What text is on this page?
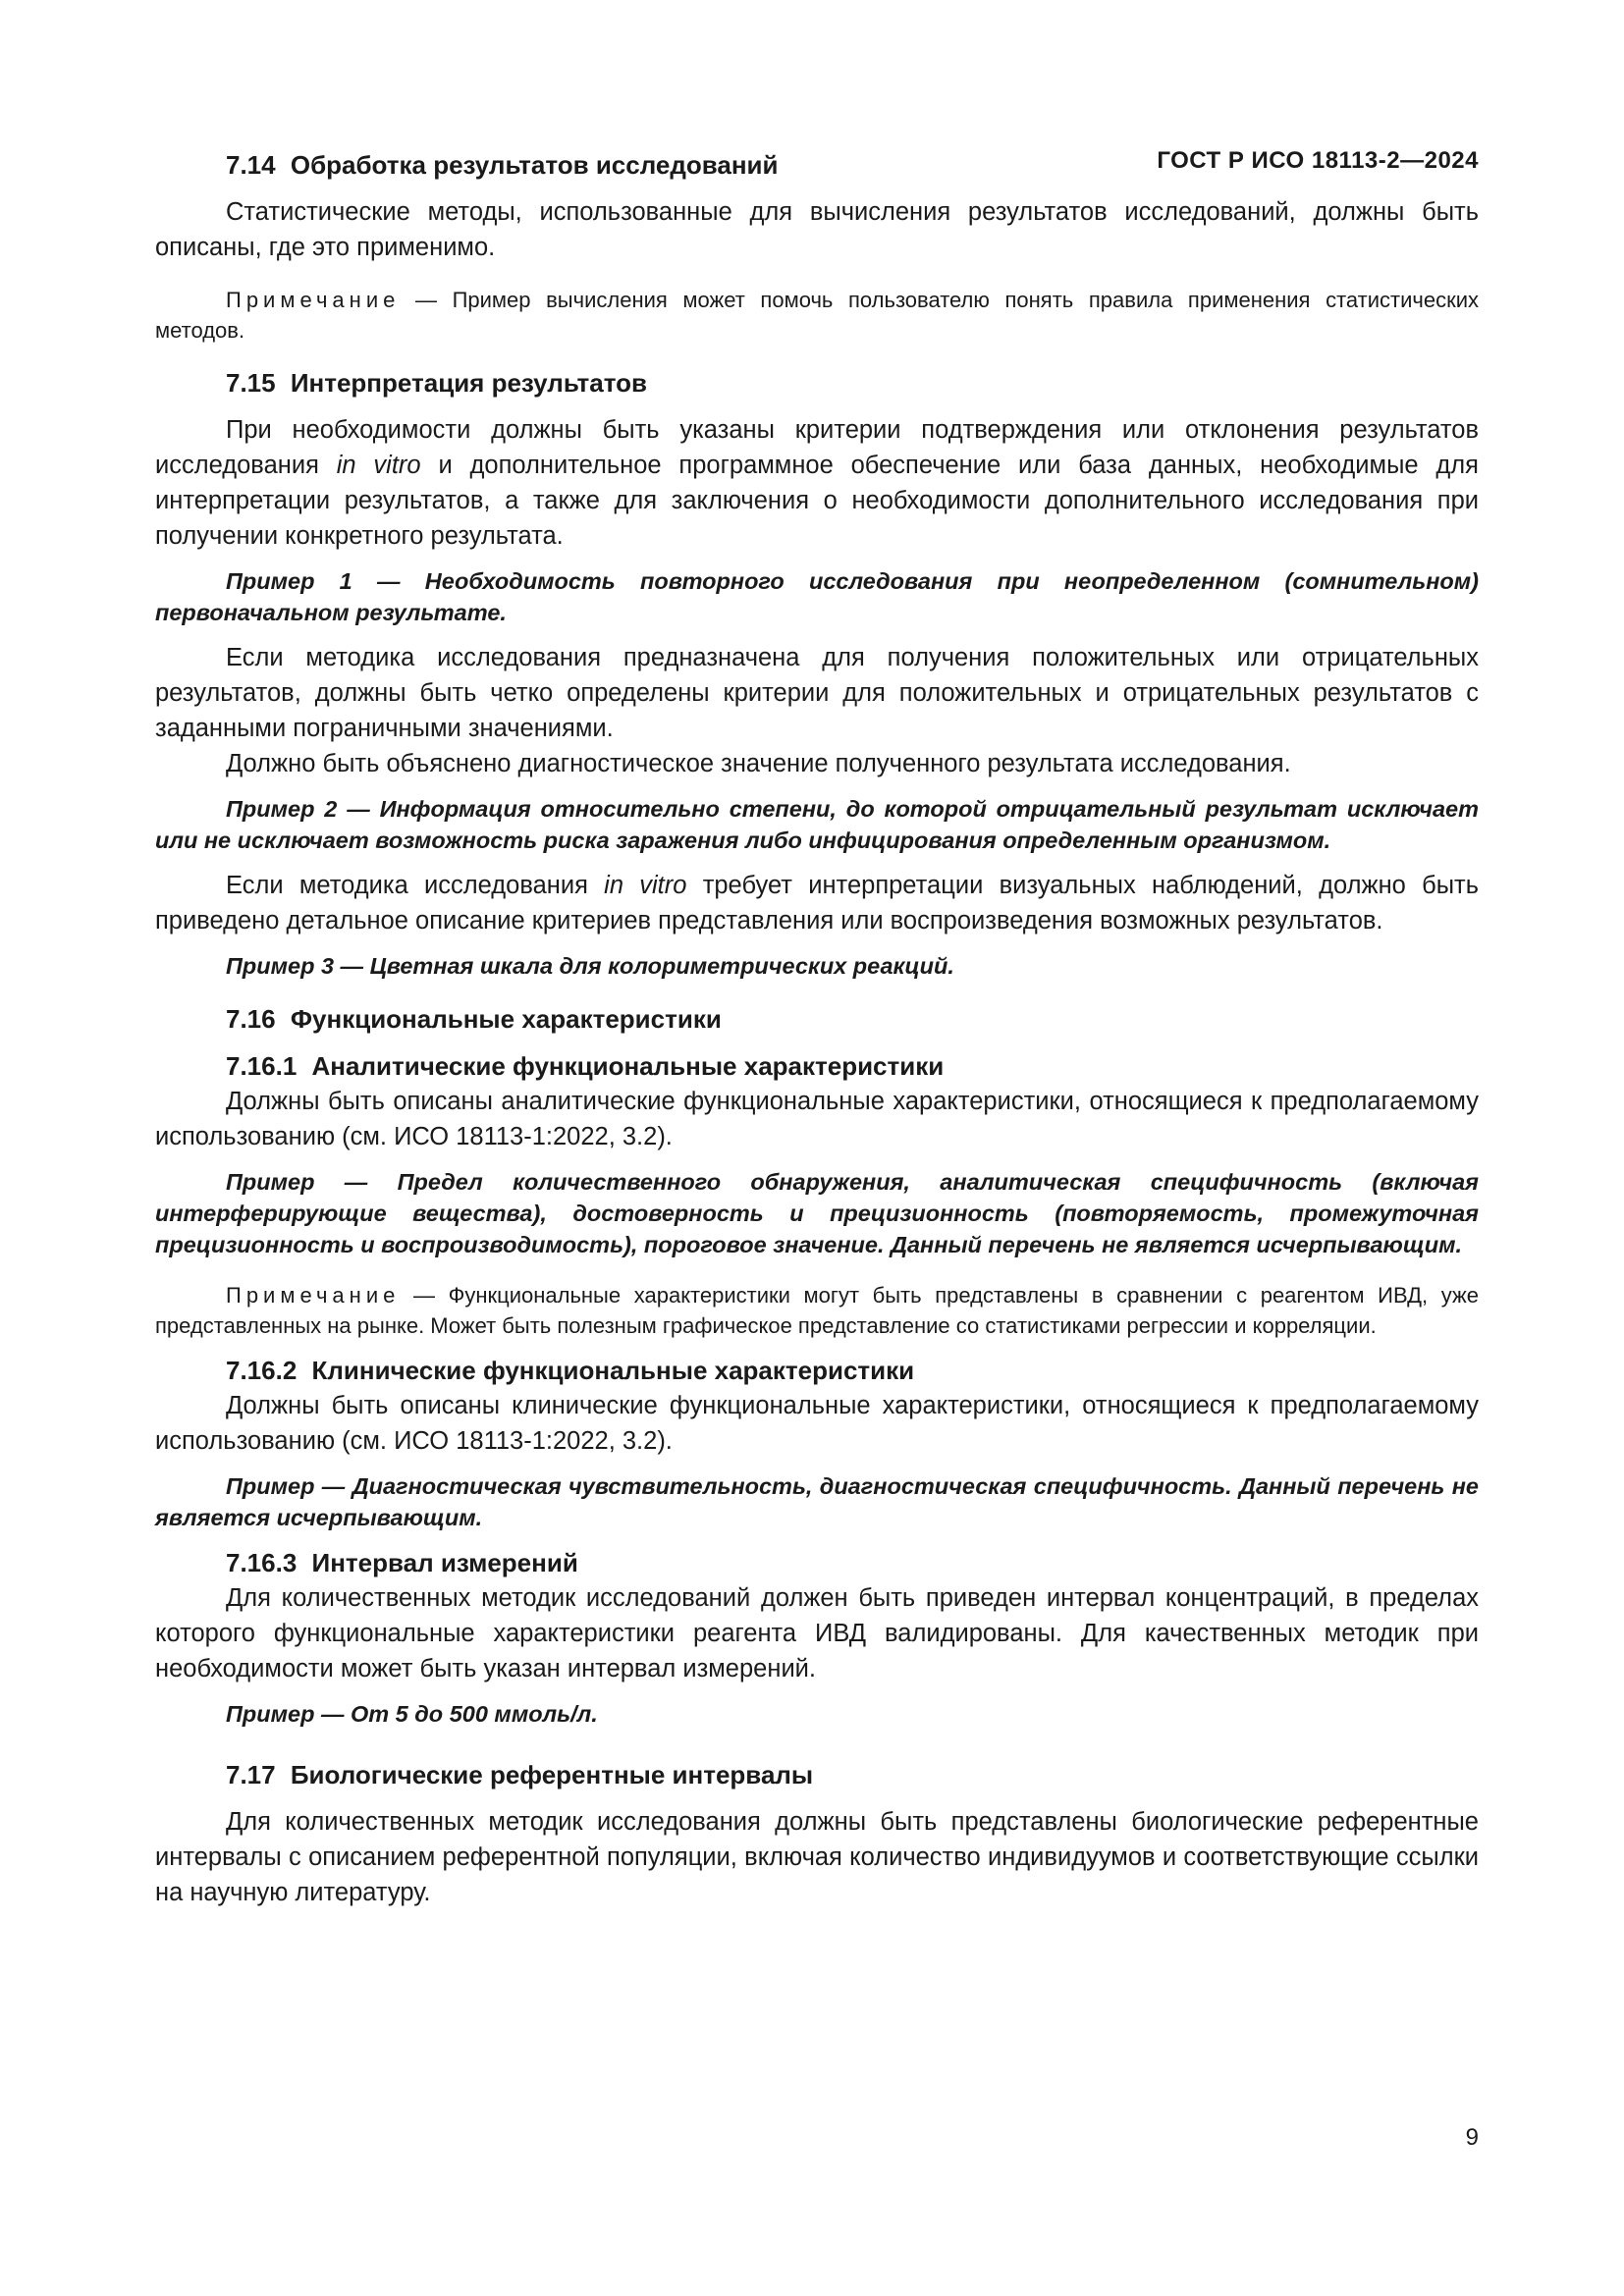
ГОСТ Р ИСО 18113-2—2024

7.14 Обработка результатов исследований

Статистические методы, использованные для вычисления результатов исследований, должны быть описаны, где это применимо.

Примечание — Пример вычисления может помочь пользователю понять правила применения статистических методов.

7.15 Интерпретация результатов

При необходимости должны быть указаны критерии подтверждения или отклонения результатов исследования in vitro и дополнительное программное обеспечение или база данных, необходимые для интерпретации результатов, а также для заключения о необходимости дополнительного исследования при получении конкретного результата.

Пример 1 — Необходимость повторного исследования при неопределенном (сомнительном) первоначальном результате.

Если методика исследования предназначена для получения положительных или отрицательных результатов, должны быть четко определены критерии для положительных и отрицательных результатов с заданными пограничными значениями.

Должно быть объяснено диагностическое значение полученного результата исследования.

Пример 2 — Информация относительно степени, до которой отрицательный результат исключает или не исключает возможность риска заражения либо инфицирования определенным организмом.

Если методика исследования in vitro требует интерпретации визуальных наблюдений, должно быть приведено детальное описание критериев представления или воспроизведения возможных результатов.

Пример 3 — Цветная шкала для колориметрических реакций.

7.16 Функциональные характеристики

7.16.1 Аналитические функциональные характеристики

Должны быть описаны аналитические функциональные характеристики, относящиеся к предполагаемому использованию (см. ИСО 18113-1:2022, 3.2).

Пример — Предел количественного обнаружения, аналитическая специфичность (включая интерферирующие вещества), достоверность и прецизионность (повторяемость, промежуточная прецизионность и воспроизводимость), пороговое значение. Данный перечень не является исчерпывающим.

Примечание — Функциональные характеристики могут быть представлены в сравнении с реагентом ИВД, уже представленных на рынке. Может быть полезным графическое представление со статистиками регрессии и корреляции.

7.16.2 Клинические функциональные характеристики

Должны быть описаны клинические функциональные характеристики, относящиеся к предполагаемому использованию (см. ИСО 18113-1:2022, 3.2).

Пример — Диагностическая чувствительность, диагностическая специфичность. Данный перечень не является исчерпывающим.

7.16.3 Интервал измерений

Для количественных методик исследований должен быть приведен интервал концентраций, в пределах которого функциональные характеристики реагента ИВД валидированы. Для качественных методик при необходимости может быть указан интервал измерений.

Пример — От 5 до 500 ммоль/л.

7.17 Биологические референтные интервалы

Для количественных методик исследования должны быть представлены биологические референтные интервалы с описанием референтной популяции, включая количество индивидуумов и соответствующие ссылки на научную литературу.

9
